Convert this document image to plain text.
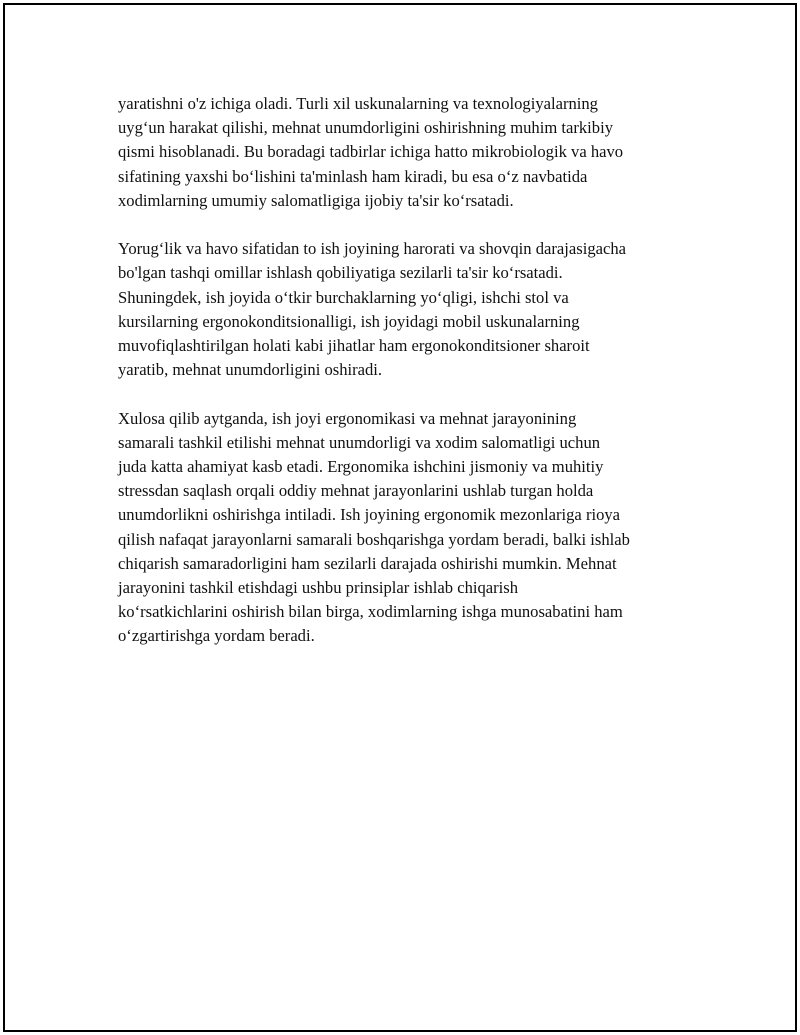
yaratishni o'z ichiga oladi. Turli xil uskunalarning va texnologiyalarning
uyg‘un harakat qilishi, mehnat unumdorligini oshirishning muhim tarkibiy
qismi hisoblanadi. Bu boradagi tadbirlar ichiga hatto mikrobiologik va havo
sifatining yaxshi bo‘lishini ta'minlash ham kiradi, bu esa o‘z navbatida
xodimlarning umumiy salomatligiga ijobiy ta'sir ko‘rsatadi.

Yorug‘lik va havo sifatidan to ish joyining harorati va shovqin darajasigacha
bo'lgan tashqi omillar ishlash qobiliyatiga sezilarli ta'sir ko‘rsatadi.
Shuningdek, ish joyida o‘tkir burchaklarning yo‘qligi, ishchi stol va
kursilarning ergonokonditsionalligi, ish joyidagi mobil uskunalarning
muvofiqlashtirilgan holati kabi jihatlar ham ergonokonditsioner sharoit
yaratib, mehnat unumdorligini oshiradi.

Xulosa qilib aytganda, ish joyi ergonomikasi va mehnat jarayonining
samarali tashkil etilishi mehnat unumdorligi va xodim salomatligi uchun
juda katta ahamiyat kasb etadi. Ergonomika ishchini jismoniy va muhitiy
stressdan saqlash orqali oddiy mehnat jarayonlarini ushlab turgan holda
unumdorlikni oshirishga intiladi. Ish joyining ergonomik mezonlariga rioya
qilish nafaqat jarayonlarni samarali boshqarishga yordam beradi, balki ishlab
chiqarish samaradorligini ham sezilarli darajada oshirishi mumkin. Mehnat
jarayonini tashkil etishdagi ushbu prinsiplar ishlab chiqarish
ko‘rsatkichlarini oshirish bilan birga, xodimlarning ishga munosabatini ham
o‘zgartirishga yordam beradi.
